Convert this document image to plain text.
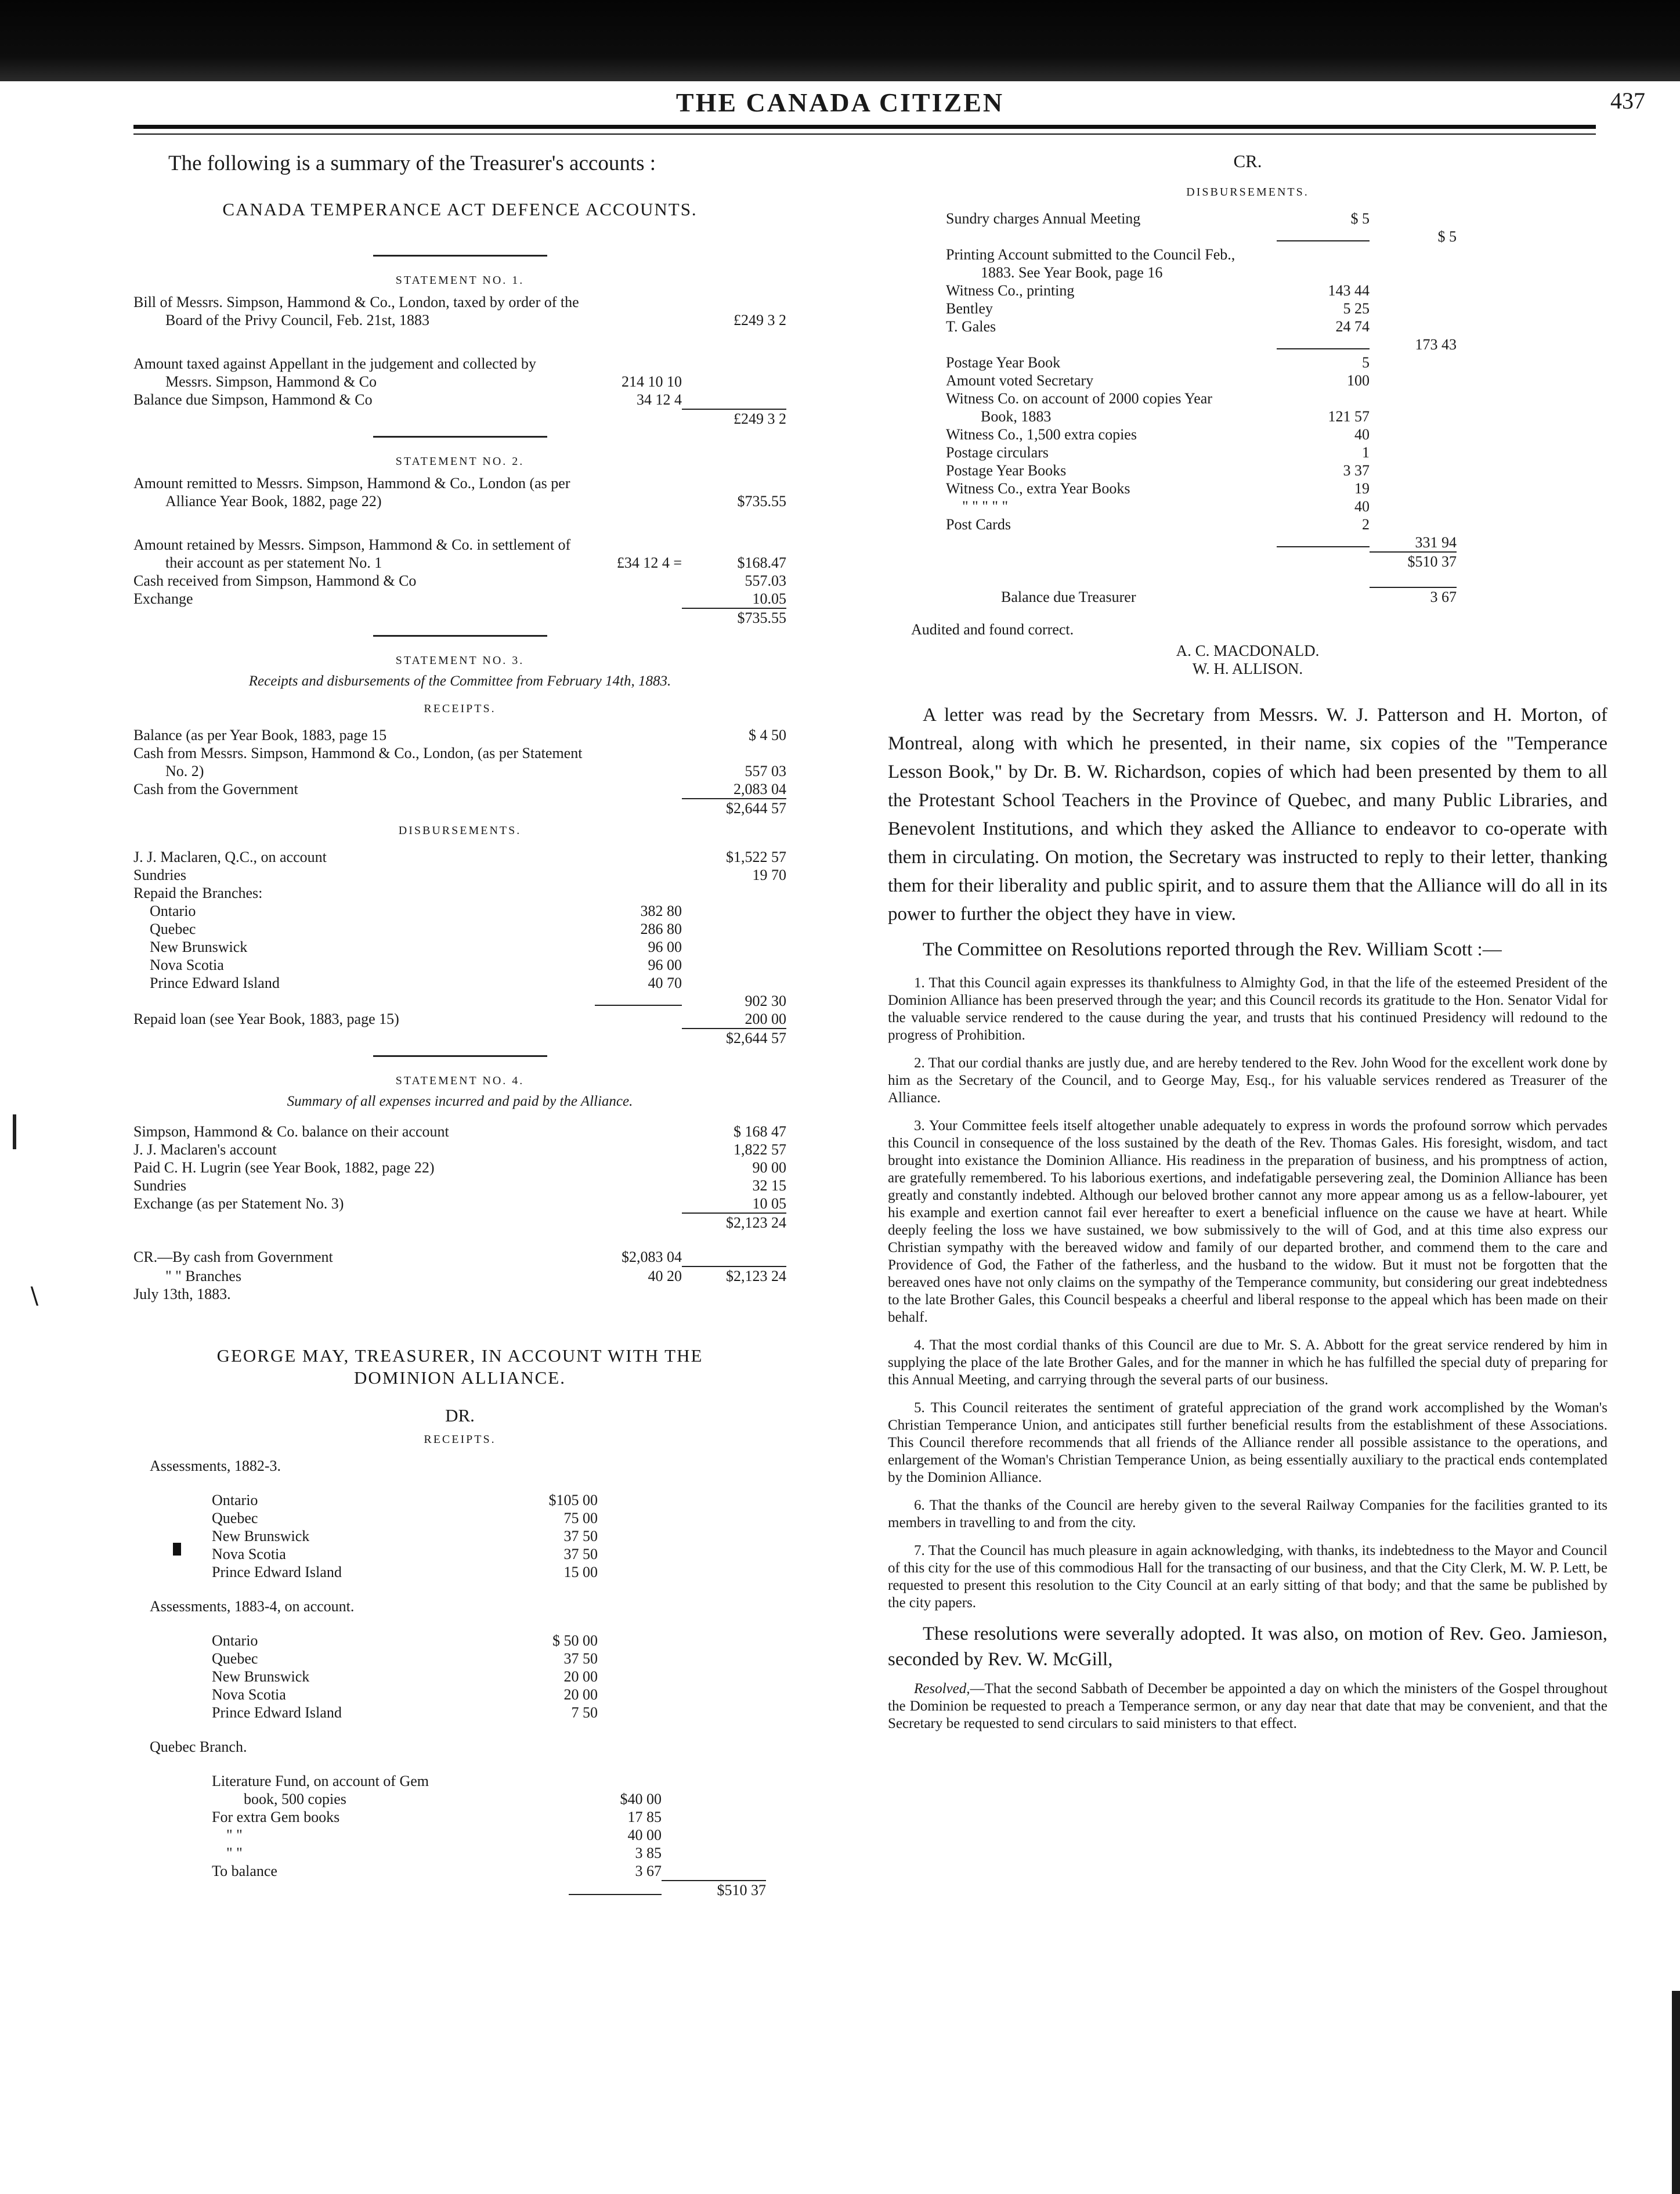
THE CANADA CITIZEN	437
∖
The following is a summary of the Treasurer's accounts :
CANADA TEMPERANCE ACT DEFENCE ACCOUNTS.
STATEMENT NO. 1.
Bill of Messrs. Simpson, Hammond & Co., London, taxed by order of the
Board of the Privy Council, Feb. 21st, 1883	£249 3 2
Amount taxed against Appellant in the judgement and collected by
Messrs. Simpson, Hammond & Co	214 10 10
Balance due Simpson, Hammond & Co	34 12 4
£249 3 2
STATEMENT NO. 2.
Amount remitted to Messrs. Simpson, Hammond & Co., London (as per
Alliance Year Book, 1882, page 22)	$735.55
Amount retained by Messrs. Simpson, Hammond & Co. in settlement of
their account as per statement No. 1	£34 12 4 =	$168.47
Cash received from Simpson, Hammond & Co	557.03
Exchange	10.05
$735.55
STATEMENT NO. 3.
Receipts and disbursements of the Committee from February 14th, 1883.
RECEIPTS.
Balance (as per Year Book, 1883, page 15	$ 4 50
Cash from Messrs. Simpson, Hammond & Co., London, (as per Statement
No. 2)	557 03
Cash from the Government	2,083 04
$2,644 57
DISBURSEMENTS.
J. J. Maclaren, Q.C., on account	$1,522 57
Sundries	19 70
Repaid the Branches:
Ontario	382 80
Quebec	286 80
New Brunswick	96 00
Nova Scotia	96 00
Prince Edward Island	40 70
902 30
Repaid loan (see Year Book, 1883, page 15)	200 00
$2,644 57
STATEMENT NO. 4.
Summary of all expenses incurred and paid by the Alliance.
Simpson, Hammond & Co. balance on their account	$ 168 47
J. J. Maclaren's account	1,822 57
Paid C. H. Lugrin (see Year Book, 1882, page 22)	90 00
Sundries	32 15
Exchange (as per Statement No. 3)	10 05
$2,123 24
CR.—By cash from Government	$2,083 04
" " Branches	40 20	$2,123 24
July 13th, 1883.
GEORGE MAY, TREASURER, IN ACCOUNT WITH THE
DOMINION ALLIANCE.
DR.
RECEIPTS.
Assessments, 1882-3.
Ontario	$105 00
Quebec	75 00
New Brunswick	37 50
Nova Scotia	37 50
Prince Edward Island	15 00
Assessments, 1883-4, on account.
Ontario	$ 50 00
Quebec	37 50
New Brunswick	20 00
Nova Scotia	20 00
Prince Edward Island	7 50
Quebec Branch.
Literature Fund, on account of Gem
book, 500 copies	$40 00
For extra Gem books	17 85
" "	40 00
" "	3 85
To balance	3 67
$510 37
CR.
DISBURSEMENTS.
Sundry charges Annual Meeting	$ 5
$ 5
Printing Account submitted to the Council Feb.,
1883. See Year Book, page 16
Witness Co., printing	143 44
Bentley	5 25
T. Gales	24 74
173 43
Postage Year Book	5
Amount voted Secretary	100
Witness Co. on account of 2000 copies Year
Book, 1883	121 57
Witness Co., 1,500 extra copies	40
Postage circulars	1
Postage Year Books	3 37
Witness Co., extra Year Books	19
" " " " "	40
Post Cards	2
331 94
$510 37
Balance due Treasurer	3 67
Audited and found correct.
A. C. MACDONALD.
W. H. ALLISON.

A letter was read by the Secretary from Messrs. W. J. Patterson and H. Morton, of Montreal, along with which he presented, in their name, six copies of the "Temperance Lesson Book," by Dr. B. W. Richardson, copies of which had been presented by them to all the Protestant School Teachers in the Province of Quebec, and many Public Libraries, and Benevolent Institutions, and which they asked the Alliance to endeavor to co-operate with them in circulating. On motion, the Secretary was instructed to reply to their letter, thanking them for their liberality and public spirit, and to assure them that the Alliance will do all in its power to further the object they have in view.

The Committee on Resolutions reported through the Rev. William Scott :—

1. That this Council again expresses its thankfulness to Almighty God, in that the life of the esteemed President of the Dominion Alliance has been preserved through the year; and this Council records its gratitude to the Hon. Senator Vidal for the valuable service rendered to the cause during the year, and trusts that his continued Presidency will redound to the progress of Prohibition.

2. That our cordial thanks are justly due, and are hereby tendered to the Rev. John Wood for the excellent work done by him as the Secretary of the Council, and to George May, Esq., for his valuable services rendered as Treasurer of the Alliance.

3. Your Committee feels itself altogether unable adequately to express in words the profound sorrow which pervades this Council in consequence of the loss sustained by the death of the Rev. Thomas Gales. His foresight, wisdom, and tact brought into existance the Dominion Alliance. His readiness in the preparation of business, and his promptness of action, are gratefully remembered. To his laborious exertions, and indefatigable persevering zeal, the Dominion Alliance has been greatly and constantly indebted. Although our beloved brother cannot any more appear among us as a fellow-labourer, yet his example and exertion cannot fail ever hereafter to exert a beneficial influence on the cause we have at heart. While deeply feeling the loss we have sustained, we bow submissively to the will of God, and at this time also express our Christian sympathy with the bereaved widow and family of our departed brother, and commend them to the care and Providence of God, the Father of the fatherless, and the husband to the widow. But it must not be forgotten that the bereaved ones have not only claims on the sympathy of the Temperance community, but considering our great indebtedness to the late Brother Gales, this Council bespeaks a cheerful and liberal response to the appeal which has been made on their behalf.

4. That the most cordial thanks of this Council are due to Mr. S. A. Abbott for the great service rendered by him in supplying the place of the late Brother Gales, and for the manner in which he has fulfilled the special duty of preparing for this Annual Meeting, and carrying through the several parts of our business.

5. This Council reiterates the sentiment of grateful appreciation of the grand work accomplished by the Woman's Christian Temperance Union, and anticipates still further beneficial results from the establishment of these Associations. This Council therefore recommends that all friends of the Alliance render all possible assistance to the operations, and enlargement of the Woman's Christian Temperance Union, as being essentially auxiliary to the practical ends contemplated by the Dominion Alliance.

6. That the thanks of the Council are hereby given to the several Railway Companies for the facilities granted to its members in travelling to and from the city.

7. That the Council has much pleasure in again acknowledging, with thanks, its indebtedness to the Mayor and Council of this city for the use of this commodious Hall for the transacting of our business, and that the City Clerk, M. W. P. Lett, be requested to present this resolution to the City Council at an early sitting of that body; and that the same be published by the city papers.

These resolutions were severally adopted. It was also, on motion of Rev. Geo. Jamieson, seconded by Rev. W. McGill,

Resolved,—That the second Sabbath of December be appointed a day on which the ministers of the Gospel throughout the Dominion be requested to preach a Temperance sermon, or any day near that date that may be convenient, and that the Secretary be requested to send circulars to said ministers to that effect.
